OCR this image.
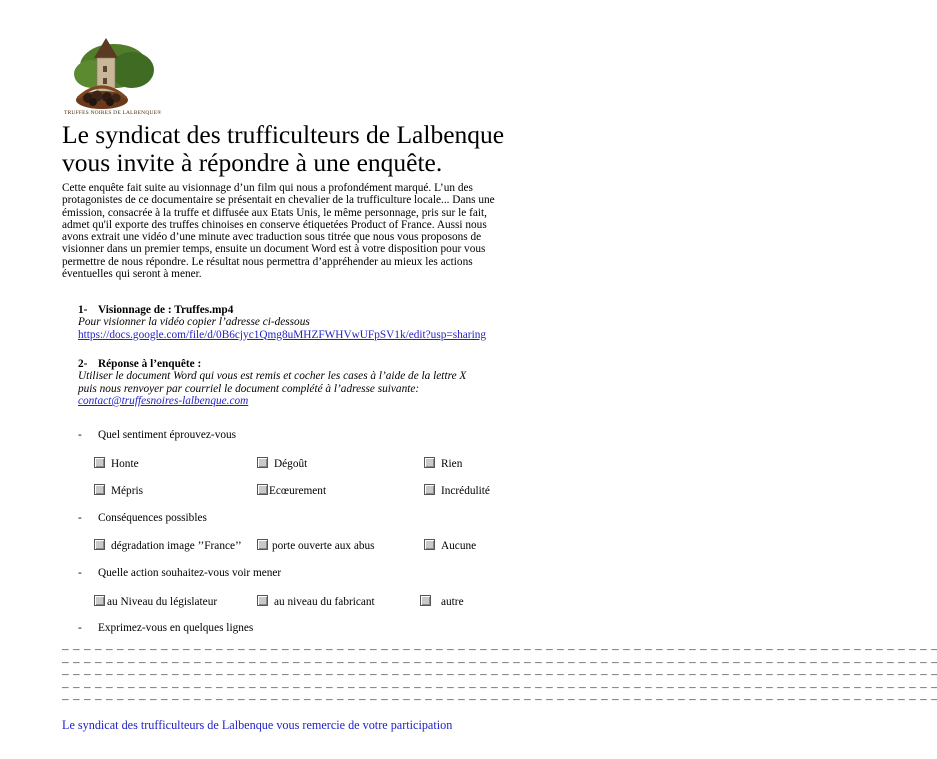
TRUFFES NOIRES DE LALBENQUE®
Le syndicat des trufficulteurs de Lalbenque
vous invite à répondre à une enquête.

Cette enquête fait suite au visionnage d’un film qui nous a profondément marqué. L’un des protagonistes de ce documentaire se présentait en chevalier de la trufficulture locale... Dans une émission, consacrée à la truffe et diffusée aux Etats Unis, le même personnage, pris sur le fait, admet qu'il exporte des truffes chinoises en conserve étiquetées Product of France. Aussi nous avons extrait une vidéo d’une minute avec traduction sous titrée que nous vous proposons de visionner dans un premier temps, ensuite un document Word est à votre disposition pour vous permettre de nous répondre. Le résultat nous permettra d’appréhender au mieux les actions éventuelles qui seront à mener.

1- Visionnage de : Truffes.mp4
Pour visionner la vidéo copier l’adresse ci-dessous
https://docs.google.com/file/d/0B6cjyc1Qmg8uMHZFWHVwUFpSV1k/edit?usp=sharing
2- Réponse à l’enquête :
Utiliser le document Word qui vous est remis et cocher les cases à l’aide de la lettre X
puis nous renvoyer par courriel le document complété à l’adresse suivante:
contact@truffesnoires-lalbenque.com
- Quel sentiment éprouvez-vous
Honte	Dégoût	Rien
Mépris	Ecœurement	Incrédulité
- Conséquences possibles
dégradation image ’’France’’	porte ouverte aux abus	Aucune
- Quelle action souhaitez-vous voir mener
au Niveau du législateur	au niveau du fabricant	autre
- Exprimez-vous en quelques lignes
_ _ _ _ _ _ _ _ _ _ _ _ _ _ _ _ _ _ _ _ _ _ _ _ _ _ _ _ _ _ _ _ _ _ _ _ _ _ _ _ _ _ _ _ _ _ _ _ _ _ _ _ _ _ _ _ _ _ _ _ _ _ _ _ _ _ _ _ _ _ _ _ _ _ _ _ _ _ _ _
_ _ _ _ _ _ _ _ _ _ _ _ _ _ _ _ _ _ _ _ _ _ _ _ _ _ _ _ _ _ _ _ _ _ _ _ _ _ _ _ _ _ _ _ _ _ _ _ _ _ _ _ _ _ _ _ _ _ _ _ _ _ _ _ _ _ _ _ _ _ _ _ _ _ _ _ _ _ _ _
_ _ _ _ _ _ _ _ _ _ _ _ _ _ _ _ _ _ _ _ _ _ _ _ _ _ _ _ _ _ _ _ _ _ _ _ _ _ _ _ _ _ _ _ _ _ _ _ _ _ _ _ _ _ _ _ _ _ _ _ _ _ _ _ _ _ _ _ _ _ _ _ _ _ _ _ _ _ _ _
_ _ _ _ _ _ _ _ _ _ _ _ _ _ _ _ _ _ _ _ _ _ _ _ _ _ _ _ _ _ _ _ _ _ _ _ _ _ _ _ _ _ _ _ _ _ _ _ _ _ _ _ _ _ _ _ _ _ _ _ _ _ _ _ _ _ _ _ _ _ _ _ _ _ _ _ _ _ _ _
_ _ _ _ _ _ _ _ _ _ _ _ _ _ _ _ _ _ _ _ _ _ _ _ _ _ _ _ _ _ _ _ _ _ _ _ _ _ _ _ _ _ _ _ _ _ _ _ _ _ _ _ _ _ _ _ _ _ _ _ _ _ _ _ _ _ _ _ _ _ _ _ _ _ _ _ _ _ _ _
Le syndicat des trufficulteurs de Lalbenque vous remercie de votre participation
